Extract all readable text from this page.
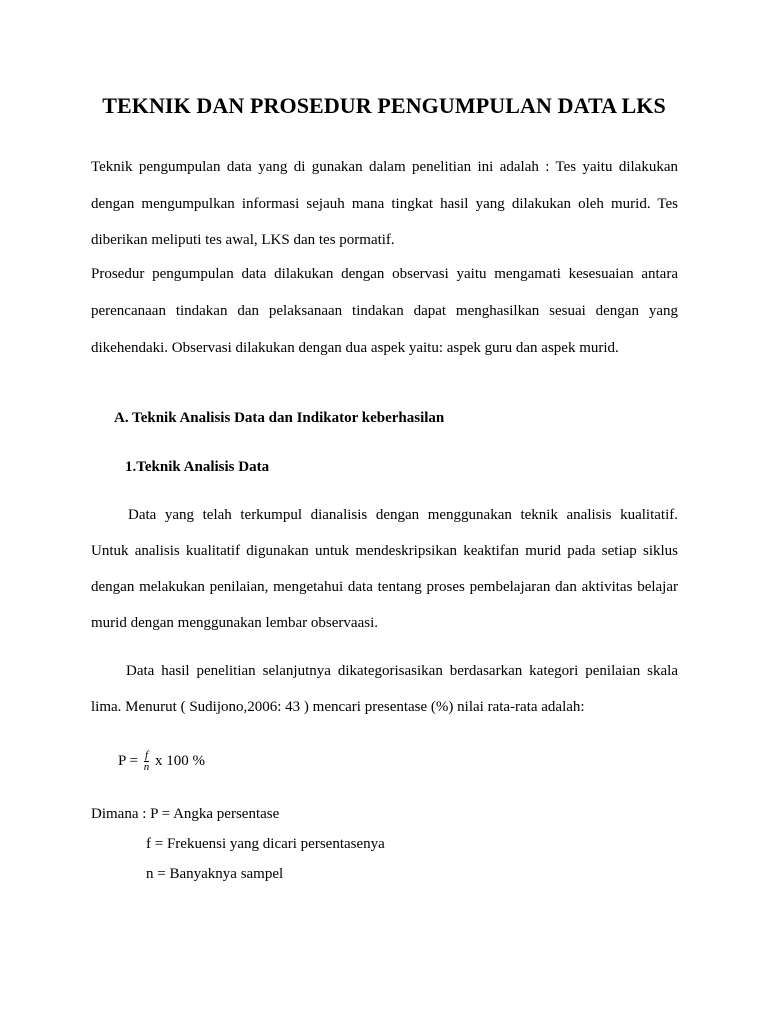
TEKNIK DAN PROSEDUR PENGUMPULAN DATA LKS
Teknik pengumpulan data yang di gunakan dalam penelitian ini adalah : Tes yaitu dilakukan
dengan mengumpulkan informasi sejauh mana tingkat hasil yang dilakukan oleh murid. Tes
diberikan meliputi tes awal, LKS dan tes pormatif.
Prosedur pengumpulan data dilakukan dengan observasi yaitu mengamati kesesuaian antara
perencanaan tindakan dan pelaksanaan tindakan dapat menghasilkan sesuai dengan yang
dikehendaki. Observasi dilakukan dengan dua aspek yaitu: aspek guru dan aspek murid.
A. Teknik Analisis Data dan Indikator keberhasilan
1.Teknik Analisis Data
Data yang telah terkumpul dianalisis dengan menggunakan teknik analisis kualitatif.
Untuk analisis kualitatif digunakan untuk mendeskripsikan keaktifan murid pada setiap siklus
dengan melakukan penilaian, mengetahui data tentang proses pembelajaran dan aktivitas belajar
murid dengan menggunakan lembar observaasi.
Data hasil penelitian selanjutnya dikategorisasikan berdasarkan kategori penilaian skala
lima. Menurut ( Sudijono,2006: 43 ) mencari presentase (%) nilai rata-rata adalah:
$P = \frac{f}{n}$ x 100 %
Dimana : P = Angka persentase
f = Frekuensi yang dicari persentasenya
n = Banyaknya sampel
